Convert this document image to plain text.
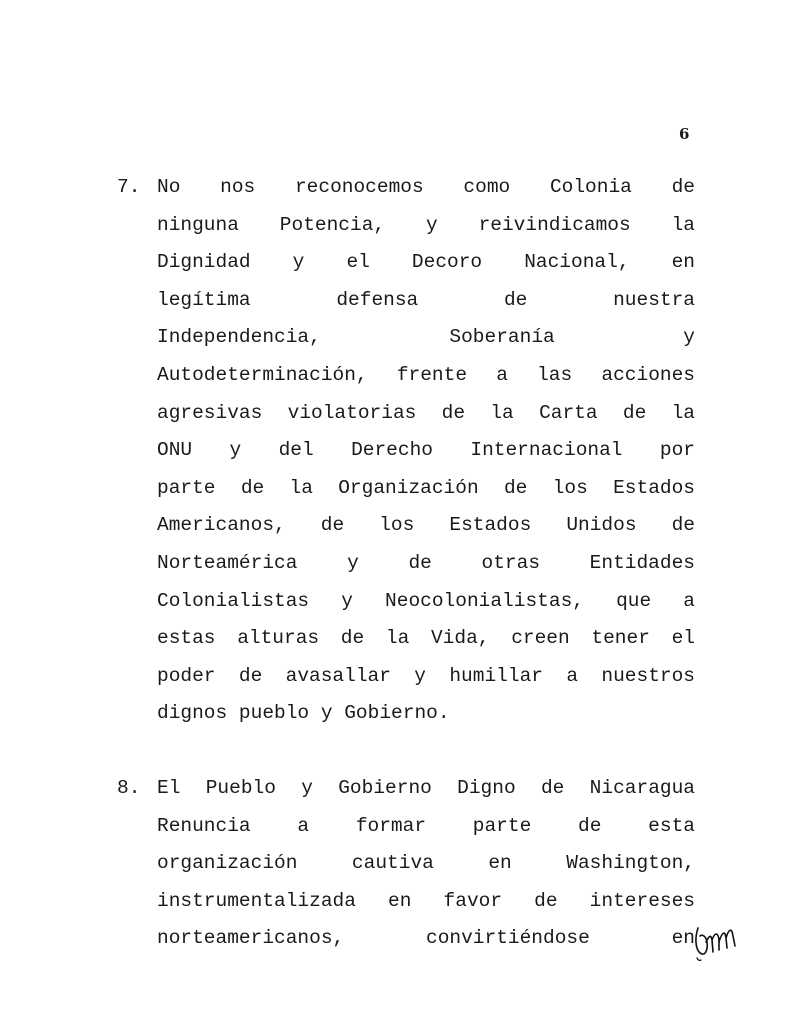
6
7. No nos reconocemos como Colonia de
ninguna Potencia, y reivindicamos la
Dignidad y el Decoro Nacional, en
legítima defensa de nuestra
Independencia, Soberanía y
Autodeterminación, frente a las acciones
agresivas violatorias de la Carta de la
ONU y del Derecho Internacional por
parte de la Organización de los Estados
Americanos, de los Estados Unidos de
Norteamérica y de otras Entidades
Colonialistas y Neocolonialistas, que a
estas alturas de la Vida, creen tener el
poder de avasallar y humillar a nuestros
dignos pueblo y Gobierno.
8. El Pueblo y Gobierno Digno de Nicaragua
Renuncia a formar parte de esta
organización cautiva en Washington,
instrumentalizada en favor de intereses
norteamericanos, convirtiéndose en
